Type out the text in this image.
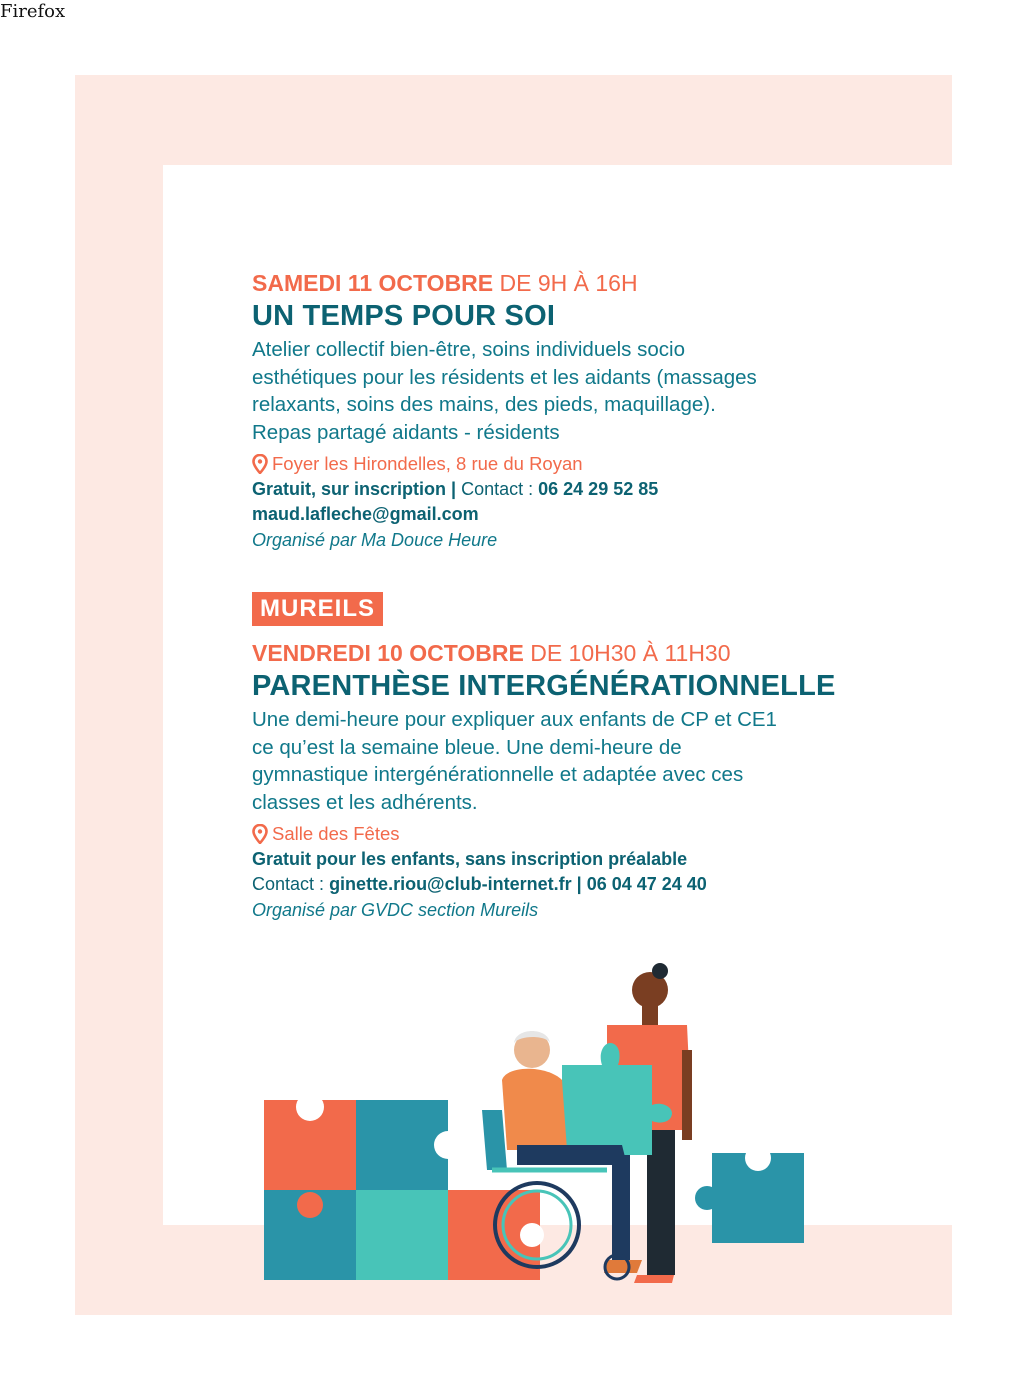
Firefox

SAMEDI 11 OCTOBRE DE 9H À 16H

UN TEMPS POUR SOI

Atelier collectif bien-être, soins individuels socio
esthétiques pour les résidents et les aidants (massages
relaxants, soins des mains, des pieds, maquillage).
Repas partagé aidants - résidents

Foyer les Hirondelles, 8 rue du Royan

Gratuit, sur inscription | Contact : 06 24 29 52 85

maud.lafleche@gmail.com

Organisé par Ma Douce Heure

MUREILS

VENDREDI 10 OCTOBRE DE 10H30 À 11H30

PARENTHÈSE INTERGÉNÉRATIONNELLE

Une demi-heure pour expliquer aux enfants de CP et CE1
ce qu’est la semaine bleue. Une demi-heure de
gymnastique intergénérationnelle et adaptée avec ces
classes et les adhérents.

Salle des Fêtes

Gratuit pour les enfants, sans inscription préalable

Contact : ginette.riou@club-internet.fr | 06 04 47 24 40

Organisé par GVDC section Mureils
